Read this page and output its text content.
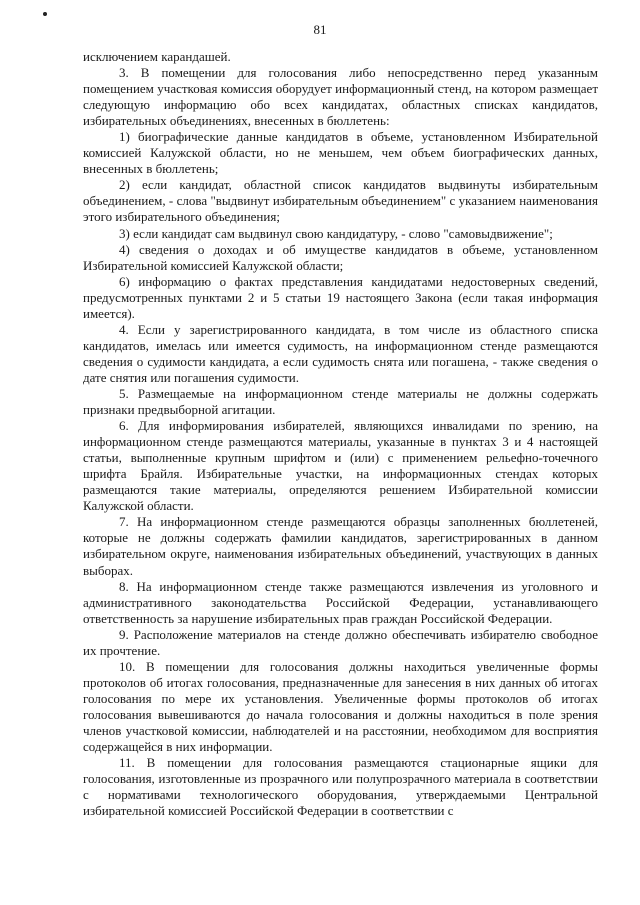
81

исключением карандашей.

3. В помещении для голосования либо непосредственно перед указанным помещением участковая комиссия оборудует информационный стенд, на котором размещает следующую информацию обо всех кандидатах, областных списках кандидатов, избирательных объединениях, внесенных в бюллетень:

1) биографические данные кандидатов в объеме, установленном Избирательной комиссией Калужской области, но не меньшем, чем объем биографических данных, внесенных в бюллетень;

2) если кандидат, областной список кандидатов выдвинуты избирательным объединением, - слова "выдвинут избирательным объединением" с указанием наименования этого избирательного объединения;

3) если кандидат сам выдвинул свою кандидатуру, - слово "самовыдвижение";

4) сведения о доходах и об имуществе кандидатов в объеме, установленном Избирательной комиссией Калужской области;

6) информацию о фактах представления кандидатами недостоверных сведений, предусмотренных пунктами 2 и 5 статьи 19 настоящего Закона (если такая информация имеется).

4. Если у зарегистрированного кандидата, в том числе из областного списка кандидатов, имелась или имеется судимость, на информационном стенде размещаются сведения о судимости кандидата, а если судимость снята или погашена, - также сведения о дате снятия или погашения судимости.

5. Размещаемые на информационном стенде материалы не должны содержать признаки предвыборной агитации.

6. Для информирования избирателей, являющихся инвалидами по зрению, на информационном стенде размещаются материалы, указанные в пунктах 3 и 4 настоящей статьи, выполненные крупным шрифтом и (или) с применением рельефно-точечного шрифта Брайля. Избирательные участки, на информационных стендах которых размещаются такие материалы, определяются решением Избирательной комиссии Калужской области.

7. На информационном стенде размещаются образцы заполненных бюллетеней, которые не должны содержать фамилии кандидатов, зарегистрированных в данном избирательном округе, наименования избирательных объединений, участвующих в данных выборах.

8. На информационном стенде также размещаются извлечения из уголовного и административного законодательства Российской Федерации, устанавливающего ответственность за нарушение избирательных прав граждан Российской Федерации.

9. Расположение материалов на стенде должно обеспечивать избирателю свободное их прочтение.

10. В помещении для голосования должны находиться увеличенные формы протоколов об итогах голосования, предназначенные для занесения в них данных об итогах голосования по мере их установления. Увеличенные формы протоколов об итогах голосования вывешиваются до начала голосования и должны находиться в поле зрения членов участковой комиссии, наблюдателей и на расстоянии, необходимом для восприятия содержащейся в них информации.

11. В помещении для голосования размещаются стационарные ящики для голосования, изготовленные из прозрачного или полупрозрачного материала в соответствии с нормативами технологического оборудования, утверждаемыми Центральной избирательной комиссией Российской Федерации в соответствии с
